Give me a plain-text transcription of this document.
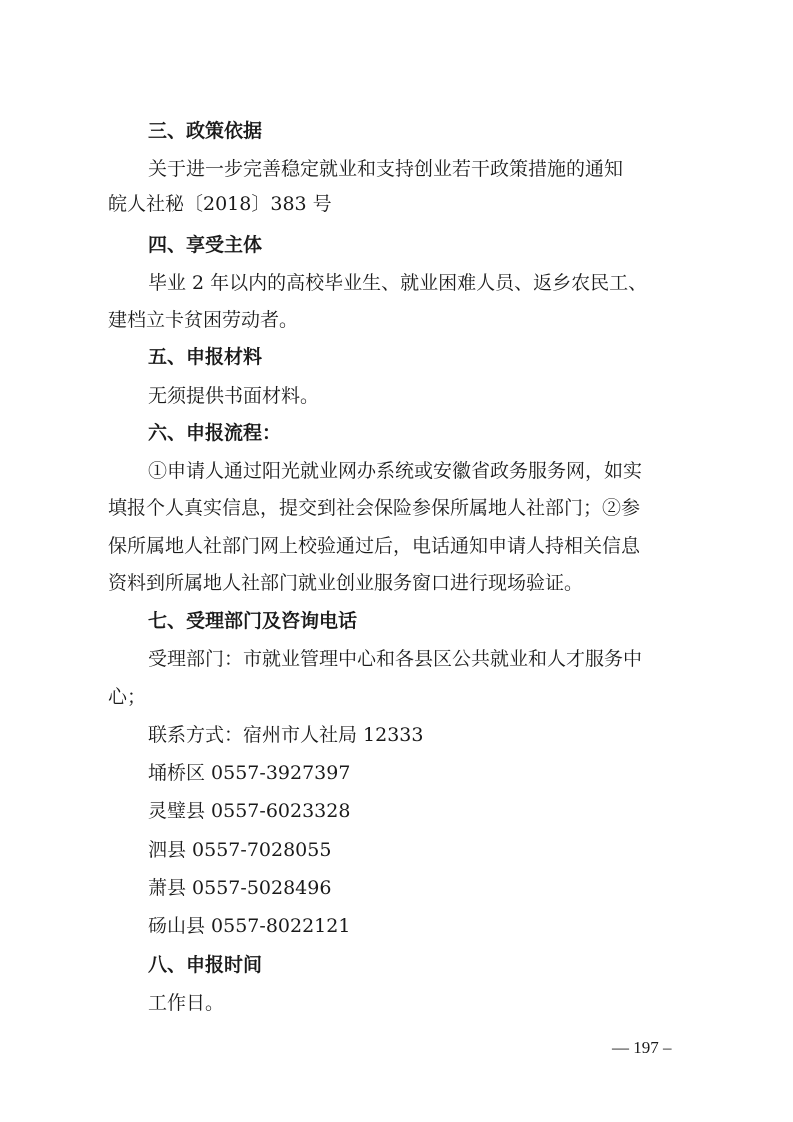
三、政策依据
关于进一步完善稳定就业和支持创业若干政策措施的通知
皖人社秘〔2018〕383 号
四、享受主体
毕业 2 年以内的高校毕业生、就业困难人员、返乡农民工、
建档立卡贫困劳动者。
五、申报材料
无须提供书面材料。
六、申报流程：
①申请人通过阳光就业网办系统或安徽省政务服务网，如实
填报个人真实信息，提交到社会保险参保所属地人社部门；②参
保所属地人社部门网上校验通过后，电话通知申请人持相关信息
资料到所属地人社部门就业创业服务窗口进行现场验证。
七、受理部门及咨询电话
受理部门：市就业管理中心和各县区公共就业和人才服务中
心；
联系方式：宿州市人社局 12333
埇桥区 0557-3927397
灵璧县 0557-6023328
泗县 0557-7028055
萧县 0557-5028496
砀山县 0557-8022121
八、申报时间
工作日。
— 197 –
